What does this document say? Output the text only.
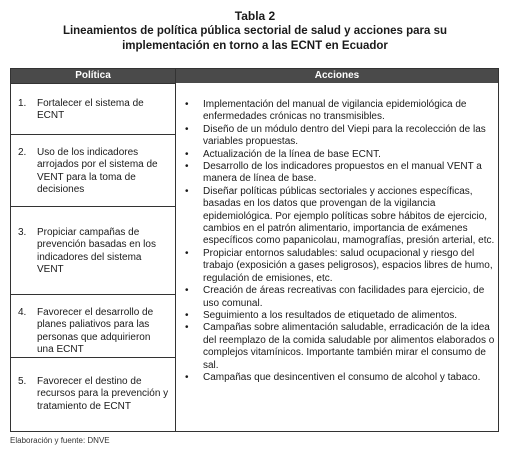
Tabla 2
Lineamientos de política pública sectorial de salud y acciones para su implementación en torno a las ECNT en Ecuador
Política	Acciones
1. Fortalecer el sistema de ECNT
2. Uso de los indicadores arrojados por el sistema de VENT para la toma de decisiones
3. Propiciar campañas de prevención basadas en los indicadores del sistema VENT
4. Favorecer el desarrollo de planes paliativos para las personas que adquirieron una ECNT
5. Favorecer el destino de recursos para la prevención y tratamiento de ECNT
• Implementación del manual de vigilancia epidemiológica de enfermedades crónicas no transmisibles.
• Diseño de un módulo dentro del Viepi para la recolección de las variables propuestas.
• Actualización de la línea de base ECNT.
• Desarrollo de los indicadores propuestos en el manual VENT a manera de línea de base.
• Diseñar políticas públicas sectoriales y acciones específicas, basadas en los datos que provengan de la vigilancia epidemiológica. Por ejemplo políticas sobre hábitos de ejercicio, cambios en el patrón alimentario, importancia de exámenes específicos como papanicolau, mamografías, presión arterial, etc.
• Propiciar entornos saludables: salud ocupacional y riesgo del trabajo (exposición a gases peligrosos), espacios libres de humo, regulación de emisiones, etc.
• Creación de áreas recreativas con facilidades para ejercicio, de uso comunal.
• Seguimiento a los resultados de etiquetado de alimentos.
• Campañas sobre alimentación saludable, erradicación de la idea del reemplazo de la comida saludable por alimentos elaborados o complejos vitamínicos. Importante también mirar el consumo de sal.
• Campañas que desincentiven el consumo de alcohol y tabaco.
Elaboración y fuente: DNVE
